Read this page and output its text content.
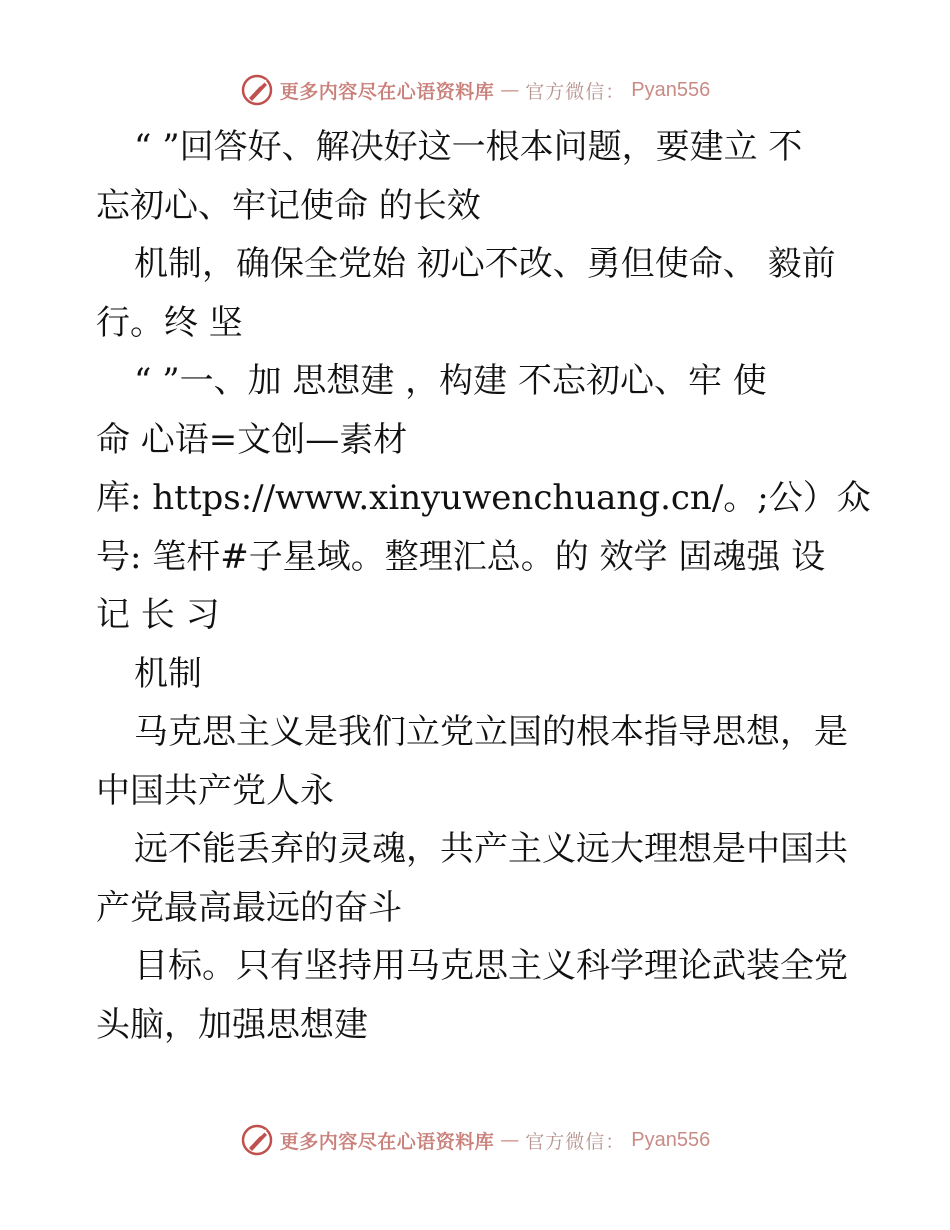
更多内容尽在心语资料库 — 官方微信： Pyan556
“ ”回答好、解决好这一根本问题，要建立 不
忘初心、牢记使命 的长效
机制，确保全党始 初心不改、勇但使命、 毅前
行。终 坚
“ ”一、加 思想建 ，构建 不忘初心、牢 使
命 心语=文创—素材
库: https://www.xinyuwenchuang.cn/。;公）众
号: 笔杆#子星域。整理汇总。的 效学 固魂强 设
记 长 习
机制
马克思主义是我们立党立国的根本指导思想，是
中国共产党人永
远不能丢弃的灵魂，共产主义远大理想是中国共
产党最高最远的奋斗
目标。只有坚持用马克思主义科学理论武装全党
头脑，加强思想建
更多内容尽在心语资料库 — 官方微信： Pyan556
